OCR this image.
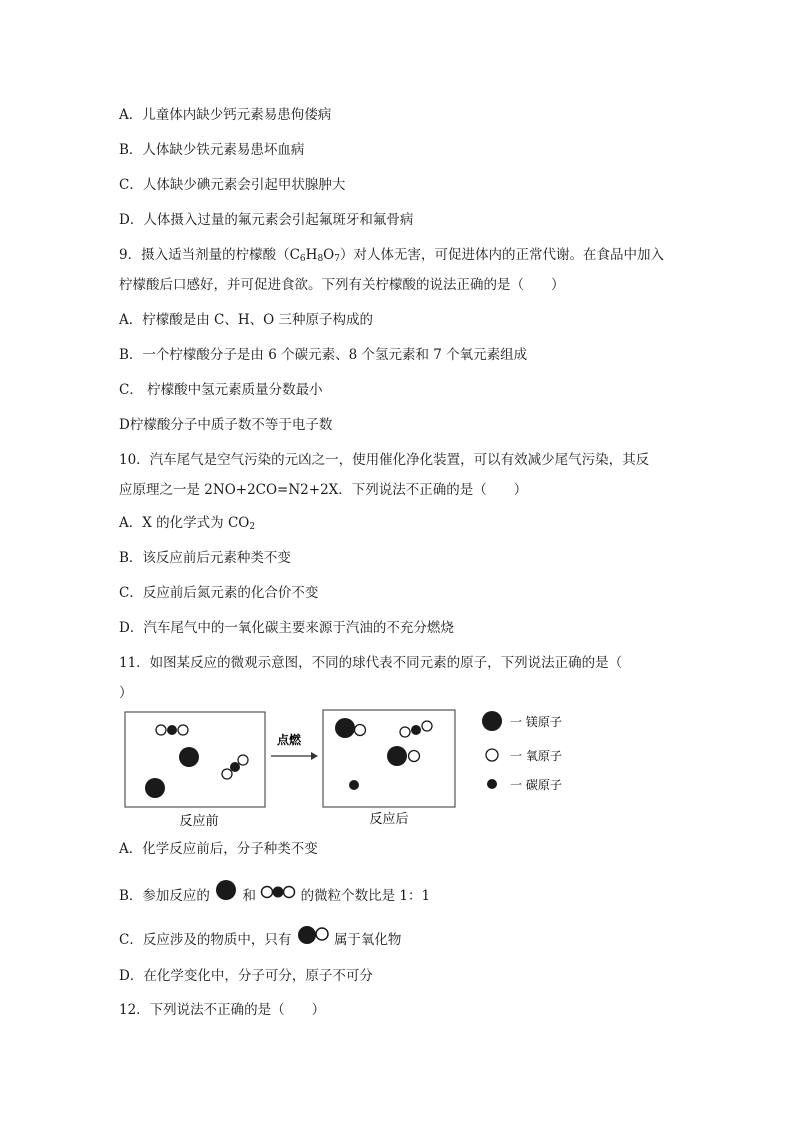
A．儿童体内缺少钙元素易患佝偻病
B．人体缺少铁元素易患坏血病
C．人体缺少碘元素会引起甲状腺肿大
D．人体摄入过量的氟元素会引起氟斑牙和氟骨病
9．摄入适当剂量的柠檬酸$(C_6H_8O_7)$对人体无害，可促进体内的正常代谢。在食品中加入
柠檬酸后口感好，并可促进食欲。下列有关柠檬酸的说法正确的是（　　）
A．柠檬酸是由 C、H、O 三种原子构成的
B．一个柠檬酸分子是由 6 个碳元素、8 个氢元素和 7 个氧元素组成
C． 柠檬酸中氢元素质量分数最小
D柠檬酸分子中质子数不等于电子数
10．汽车尾气是空气污染的元凶之一，使用催化净化装置，可以有效减少尾气污染，其反
应原理之一是 2NO+2CO=N2+2X．下列说法不正确的是（　　）
A．X 的化学式为 $CO_2$
B．该反应前后元素种类不变
C．反应前后氮元素的化合价不变
D．汽车尾气中的一氧化碳主要来源于汽油的不充分燃烧
11．如图某反应的微观示意图，不同的球代表不同元素的原子，下列说法正确的是（
）
点燃
反应前	反应后
一 镁原子
一 氧原子
一 碳原子
A．化学反应前后，分子种类不变
B．参加反应的 和	的微粒个数比是 1：1
C．反应涉及的物质中，只有	属于氧化物
D．在化学变化中，分子可分，原子不可分
12．下列说法不正确的是（　　）
